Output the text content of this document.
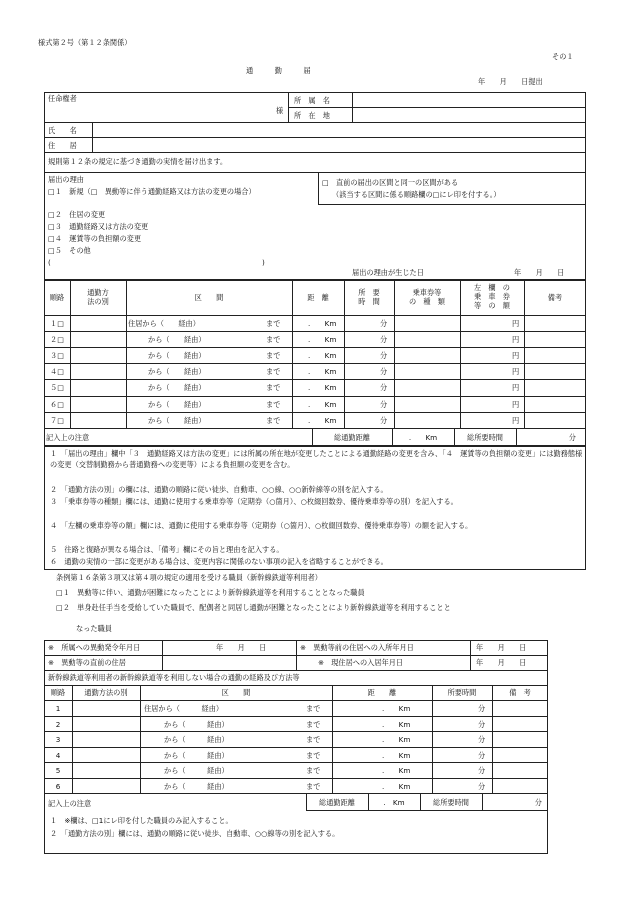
様式第２号（第１２条関係）
その１
通　　　勤　　　届
年　　月　　日提出
任命権者
様
所　属　名
所　在　地
氏　　名
住　　居
規則第１２条の規定に基づき通勤の実情を届け出ます。
届出の理由
□１　新規（□　異動等に伴う通勤経路又は方法の変更の場合）
□２　住居の変更
□３　通勤経路又は方法の変更
□４　運賃等の負担額の変更
□５　その他
(	)
□　直前の届出の区間と同一の区間がある
（該当する区間に係る順路欄の□にレ印を付する。）
届出の理由が生じた日	年　　月　　日
順路
通勤方
法の別	区　　間	距　離
所　要
時　間
乗車券等
の　種　類
左　欄　の
乗　車　券
等　の　額
備考
１□	住居から（　　経由）	まで	.　　Km	分	円
２□	から（　　経由）	まで	.　　Km	分	円
３□	から（　　経由）	まで	.　　Km	分	円
４□	から（　　経由）	まで	.　　Km	分	円
５□	から（　　経由）	まで	.　　Km	分	円
６□	から（　　経由）	まで	.　　Km	分	円
７□	から（　　経由）	まで	.　　Km	分	円
記入上の注意	総通勤距離	.　　Km	総所要時間	分
１　「届出の理由」欄中「３　通勤経路又は方法の変更」には所属の所在地が変更したことによる通勤経路の変更を含み、「４　運賃等の負担額の変更」には勤務態様の変更（交替制勤務から普通勤務への変更等）による負担額の変更を含む。
２　「通勤方法の別」の欄には、通勤の順路に従い徒歩、自動車、○○線、○○新幹線等の別を記入する。
３　「乗車券等の種類」欄には、通勤に使用する乗車券等（定期券（○箇月）、○枚綴回数券、優待乗車券等の別）を記入する。
４　「左欄の乗車券等の額」欄には、通勤に使用する乗車券等（定期券（○箇月）、○枚綴回数券、優待乗車券等）の額を記入する。
５　往路と復路が異なる場合は、「備考」欄にその旨と理由を記入する。
６　通勤の実情の一部に変更がある場合は、変更内容に関係のない事項の記入を省略することができる。
条例第１６条第３項又は第４項の規定の適用を受ける職員（新幹線鉄道等利用者）
□１　異動等に伴い、通勤が困難になったことにより新幹線鉄道等を利用することとなった職員
□２　単身赴任手当を受給していた職員で、配偶者と同居し通勤が困難となったことにより新幹線鉄道等を利用することと
なった職員
※　所属への異動発令年月日	年　　月　　日	※　異動等前の住居への入所年月日	年　　月　　日
※　異動等の直前の住居	※　現住居への入居年月日	年　　月　　日
新幹線鉄道等利用者の新幹線鉄道等を利用しない場合の通勤の経路及び方法等
順路	通勤方法の別	区　　間	距　　離	所要時間	備　考
1	住居から（　　　経由）	まで	.　　Km	分
2	から（　　　経由）	まで	.　　Km	分
3	から（　　　経由）	まで	.　　Km	分
4	から（　　　経由）	まで	.　　Km	分
5	から（　　　経由）	まで	.　　Km	分
6	から（　　　経由）	まで	.　　Km	分
記入上の注意	総通勤距離	.　Km	総所要時間	分
１　※欄は、□1にレ印を付した職員のみ記入すること。
２　「通勤方法の別」欄には、通勤の順路に従い徒歩、自動車、○○線等の別を記入する。
